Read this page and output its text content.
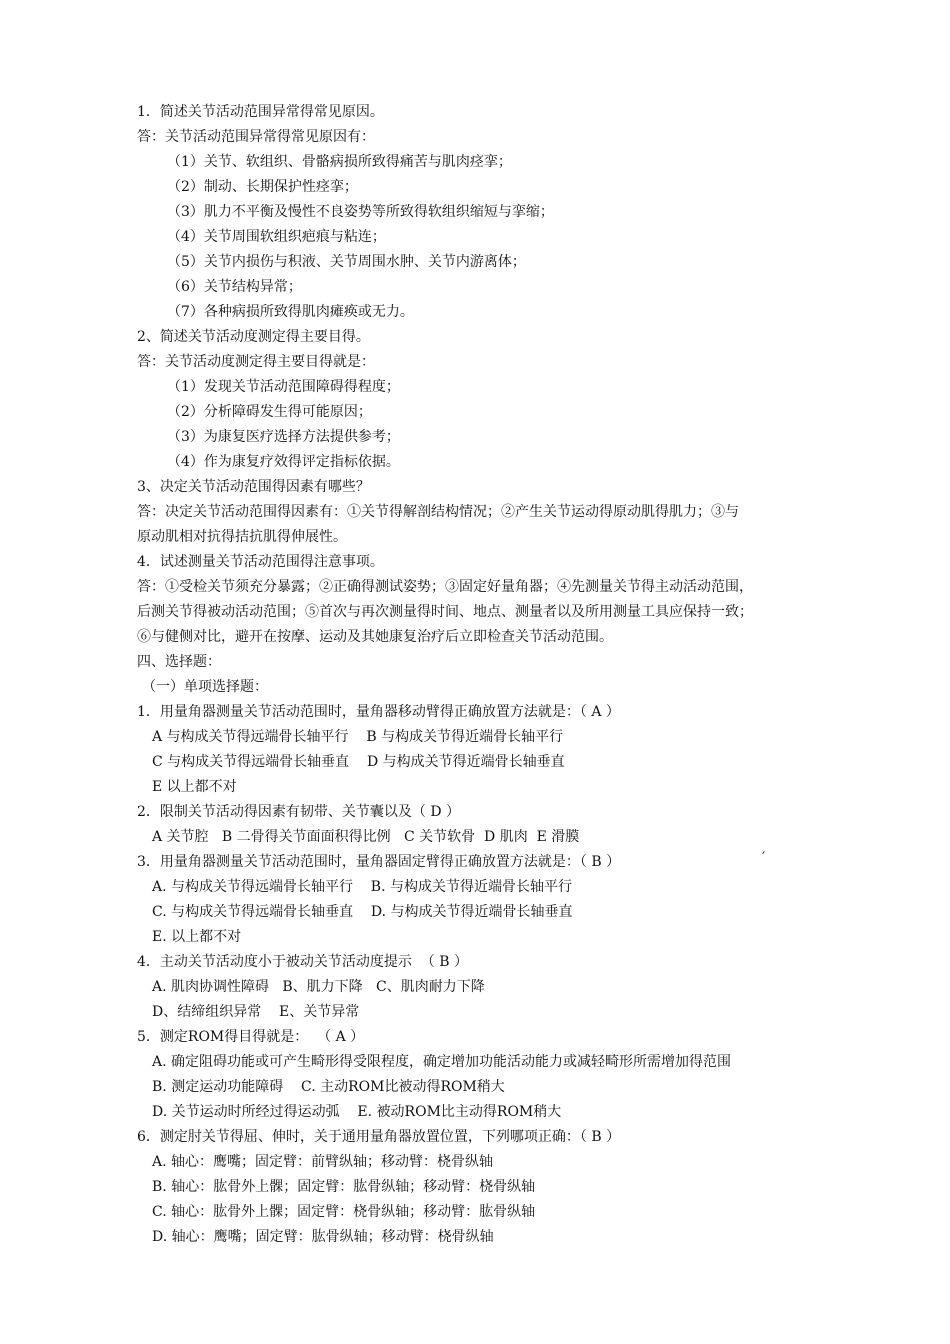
1．简述关节活动范围异常得常见原因。
答：关节活动范围异常得常见原因有：
（1）关节、软组织、骨骼病损所致得痛苦与肌肉痉挛；
（2）制动、长期保护性痉挛；
（3）肌力不平衡及慢性不良姿势等所致得软组织缩短与挛缩；
（4）关节周围软组织疤痕与粘连；
（5）关节内损伤与积液、关节周围水肿、关节内游离体；
（6）关节结构异常；
（7）各种病损所致得肌肉瘫痪或无力。
2、简述关节活动度测定得主要目得。
答：关节活动度测定得主要目得就是：
（1）发现关节活动范围障碍得程度；
（2）分析障碍发生得可能原因；
（3）为康复医疗选择方法提供参考；
（4）作为康复疗效得评定指标依据。
3、决定关节活动范围得因素有哪些？
答：决定关节活动范围得因素有：①关节得解剖结构情况；②产生关节运动得原动肌得肌力；③与
原动肌相对抗得拮抗肌得伸展性。
4．试述测量关节活动范围得注意事项。
答：①受检关节须充分暴露；②正确得测试姿势；③固定好量角器；④先测量关节得主动活动范围，
后测关节得被动活动范围；⑤首次与再次测量得时间、地点、测量者以及所用测量工具应保持一致；
⑥与健侧对比，避开在按摩、运动及其她康复治疗后立即检查关节活动范围。
四、选择题：
（一）单项选择题：
1．用量角器测量关节活动范围时，量角器移动臂得正确放置方法就是：（ A ）
A 与构成关节得远端骨长轴平行    B 与构成关节得近端骨长轴平行
C 与构成关节得远端骨长轴垂直    D 与构成关节得近端骨长轴垂直
E 以上都不对
2．限制关节活动得因素有韧带、关节囊以及（ D ）
A 关节腔   B 二骨得关节面面积得比例   C 关节软骨  D 肌肉  E 滑膜
3．用量角器测量关节活动范围时，量角器固定臂得正确放置方法就是：（ B ）
A. 与构成关节得远端骨长轴平行    B. 与构成关节得近端骨长轴平行
C. 与构成关节得远端骨长轴垂直    D. 与构成关节得近端骨长轴垂直
E. 以上都不对
4．主动关节活动度小于被动关节活动度提示  （ B ）
A. 肌肉协调性障碍   B、肌力下降   C、肌肉耐力下降
D、结缔组织异常    E、关节异常
5．测定ROM得目得就是：  （ A ）
A. 确定阻碍功能或可产生畸形得受限程度，确定增加功能活动能力或减轻畸形所需增加得范围
B. 测定运动功能障碍    C. 主动ROM比被动得ROM稍大
D. 关节运动时所经过得运动弧    E. 被动ROM比主动得ROM稍大
6．测定肘关节得屈、伸时，关于通用量角器放置位置，下列哪项正确：（ B ）
A. 轴心：鹰嘴；固定臂：前臂纵轴；移动臂：桡骨纵轴
B. 轴心：肱骨外上髁；固定臂：肱骨纵轴；移动臂：桡骨纵轴
C. 轴心：肱骨外上髁；固定臂：桡骨纵轴；移动臂：肱骨纵轴
D. 轴心：鹰嘴；固定臂：肱骨纵轴；移动臂：桡骨纵轴
′
